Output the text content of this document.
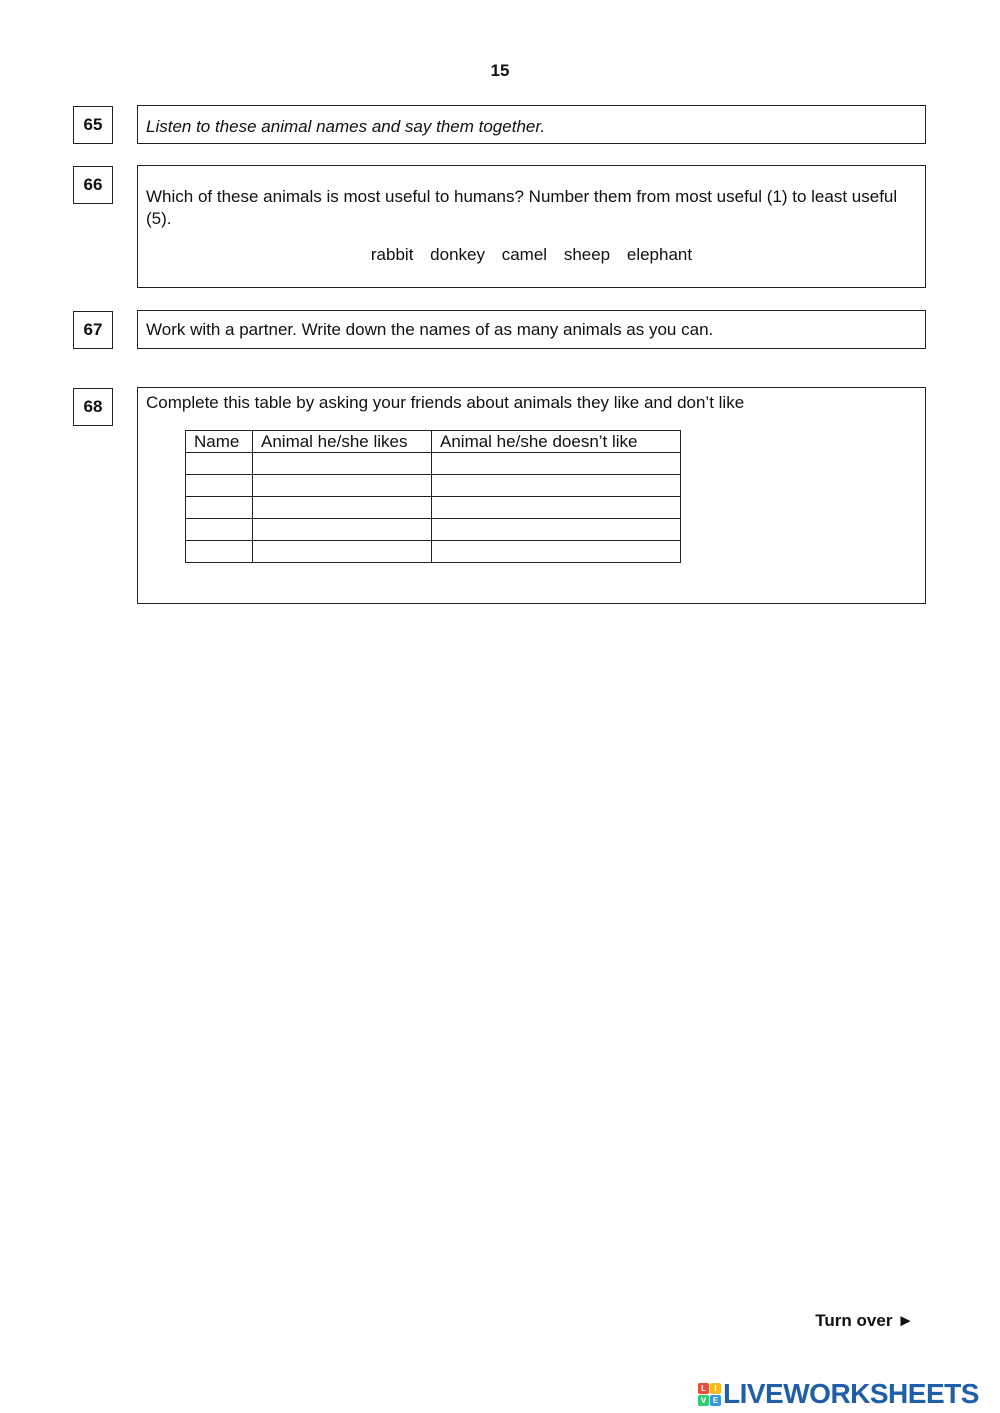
15
65	Listen to these animal names and say them together.
66
Which of these animals is most useful to humans? Number them from most useful (1) to least useful (5).
rabbit donkey camel sheep elephant
67	Work with a partner. Write down the names of as many animals as you can.
68	Complete this table by asking your friends about animals they like and don’t like
Name	Animal he/she likes	Animal he/she doesn’t like

Turn over ►
L	I
V E LIVEWORKSHEETS
